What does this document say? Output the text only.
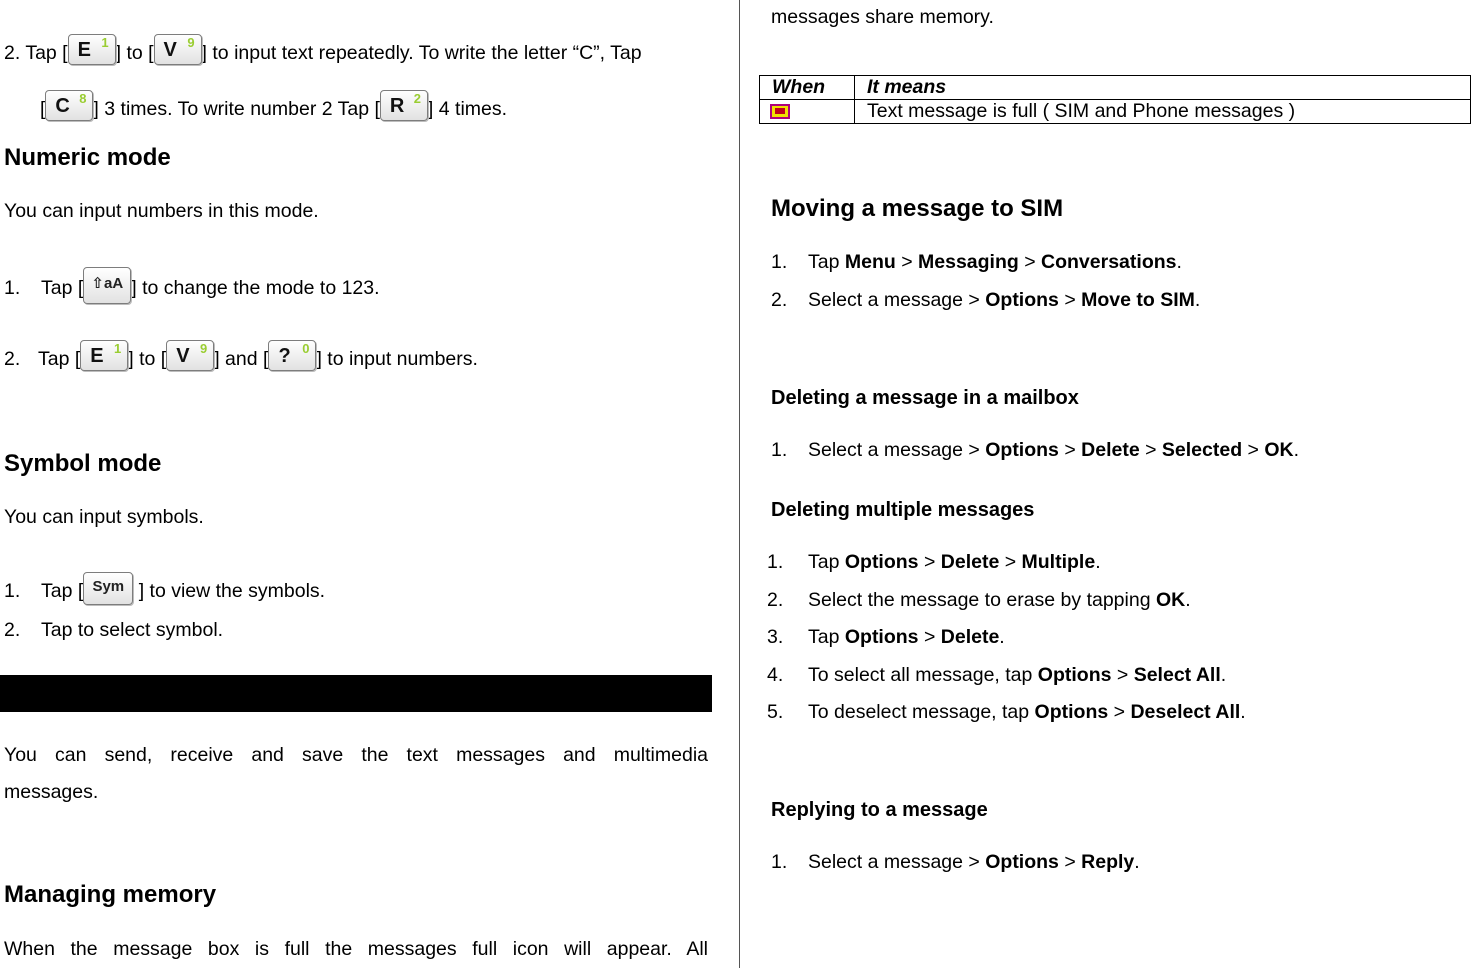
2. Tap [ E 1 ] to [ V 9 ] to input text repeatedly. To write the letter “C”, Tap
[ C 8 ] 3 times. To write number 2 Tap [ R 2 ] 4 times.
Numeric mode
You can input numbers in this mode.
1. Tap [ ⇧aA ] to change the mode to 123.
2. Tap [ E 1 ] to [ V 9 ] and [ ? 0 ] to input numbers.
Symbol mode
You can input symbols.
1. Tap [ Sym ] to view the symbols.
2. Tap to select symbol.
You can send, receive and save the text messages and multimedia
messages.
Managing memory
When the message box is full the messages full icon will appear. All
messages share memory.
When	It means
	Text message is full ( SIM and Phone messages )
Moving a message to SIM
1. Tap Menu > Messaging > Conversations.
2. Select a message > Options > Move to SIM.
Deleting a message in a mailbox
1. Select a message > Options > Delete > Selected > OK.
Deleting multiple messages
1. Tap Options > Delete > Multiple.
2. Select the message to erase by tapping OK.
3. Tap Options > Delete.
4. To select all message, tap Options > Select All.
5. To deselect message, tap Options > Deselect All.
Replying to a message
1. Select a message > Options > Reply.
